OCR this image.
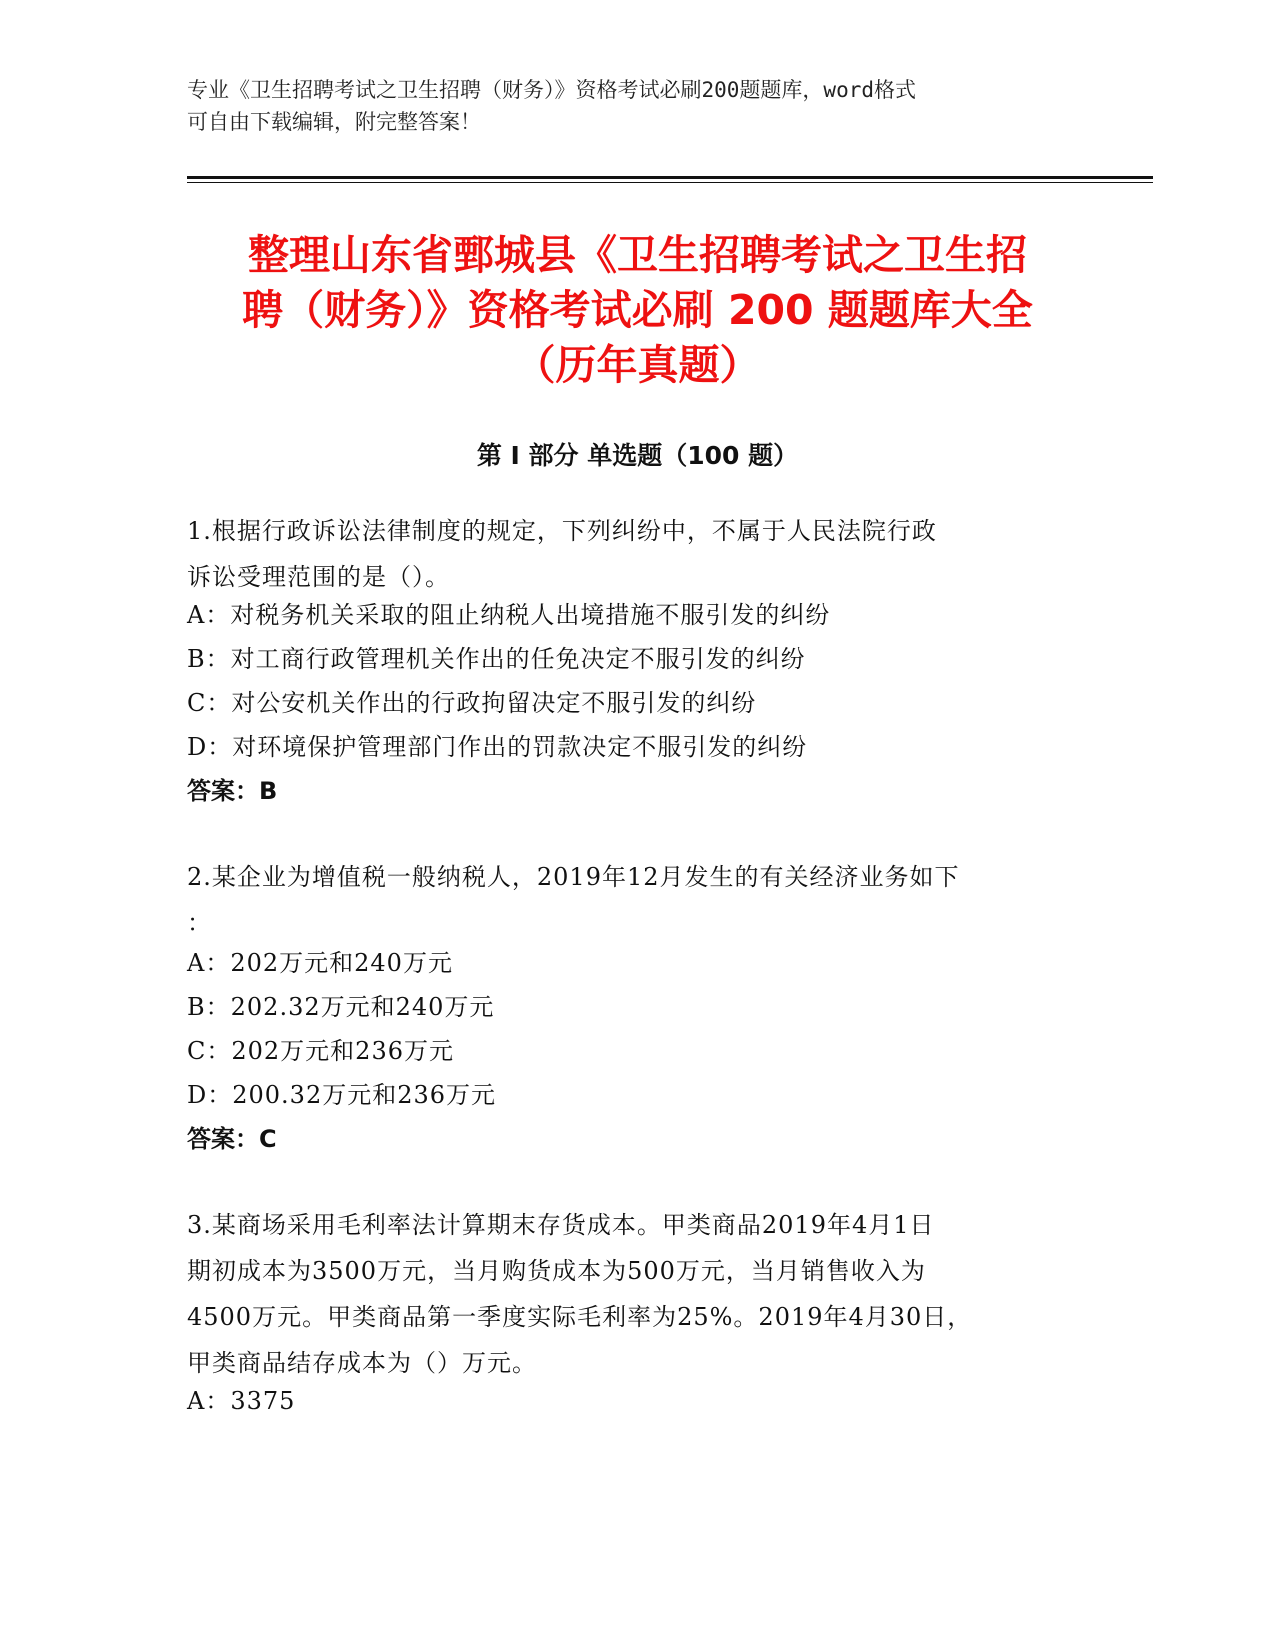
专业《卫生招聘考试之卫生招聘（财务）》资格考试必刷200题题库，word格式
可自由下载编辑，附完整答案！
整理山东省鄄城县《卫生招聘考试之卫生招
聘（财务）》资格考试必刷 200 题题库大全
（历年真题）
第 I 部分 单选题（100 题）
1.根据行政诉讼法律制度的规定，下列纠纷中，不属于人民法院行政
诉讼受理范围的是（）。
A：对税务机关采取的阻止纳税人出境措施不服引发的纠纷
B：对工商行政管理机关作出的任免决定不服引发的纠纷
C：对公安机关作出的行政拘留决定不服引发的纠纷
D：对环境保护管理部门作出的罚款决定不服引发的纠纷
答案：B
2.某企业为增值税一般纳税人，2019年12月发生的有关经济业务如下
：
A：202万元和240万元
B：202.32万元和240万元
C：202万元和236万元
D：200.32万元和236万元
答案：C
3.某商场采用毛利率法计算期末存货成本。甲类商品2019年4月1日
期初成本为3500万元，当月购货成本为500万元，当月销售收入为
4500万元。甲类商品第一季度实际毛利率为25%。2019年4月30日，
甲类商品结存成本为（）万元。
A：3375
